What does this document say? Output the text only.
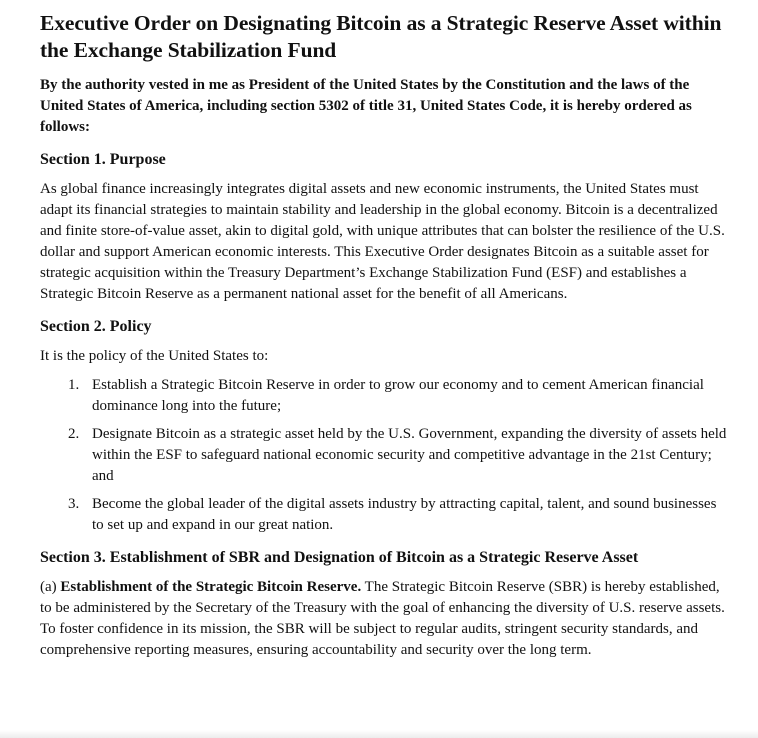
Executive Order on Designating Bitcoin as a Strategic Reserve Asset within the Exchange Stabilization Fund

By the authority vested in me as President of the United States by the Constitution and the laws of the United States of America, including section 5302 of title 31, United States Code, it is hereby ordered as follows:

Section 1. Purpose

As global finance increasingly integrates digital assets and new economic instruments, the United States must adapt its financial strategies to maintain stability and leadership in the global economy. Bitcoin is a decentralized and finite store-of-value asset, akin to digital gold, with unique attributes that can bolster the resilience of the U.S. dollar and support American economic interests. This Executive Order designates Bitcoin as a suitable asset for strategic acquisition within the Treasury Department’s Exchange Stabilization Fund (ESF) and establishes a Strategic Bitcoin Reserve as a permanent national asset for the benefit of all Americans.

Section 2. Policy

It is the policy of the United States to:

1. Establish a Strategic Bitcoin Reserve in order to grow our economy and to cement American financial dominance long into the future;
2. Designate Bitcoin as a strategic asset held by the U.S. Government, expanding the diversity of assets held within the ESF to safeguard national economic security and competitive advantage in the 21st Century; and
3. Become the global leader of the digital assets industry by attracting capital, talent, and sound businesses to set up and expand in our great nation.
Section 3. Establishment of SBR and Designation of Bitcoin as a Strategic Reserve Asset

(a) Establishment of the Strategic Bitcoin Reserve. The Strategic Bitcoin Reserve (SBR) is hereby established, to be administered by the Secretary of the Treasury with the goal of enhancing the diversity of U.S. reserve assets. To foster confidence in its mission, the SBR will be subject to regular audits, stringent security standards, and comprehensive reporting measures, ensuring accountability and security over the long term.
